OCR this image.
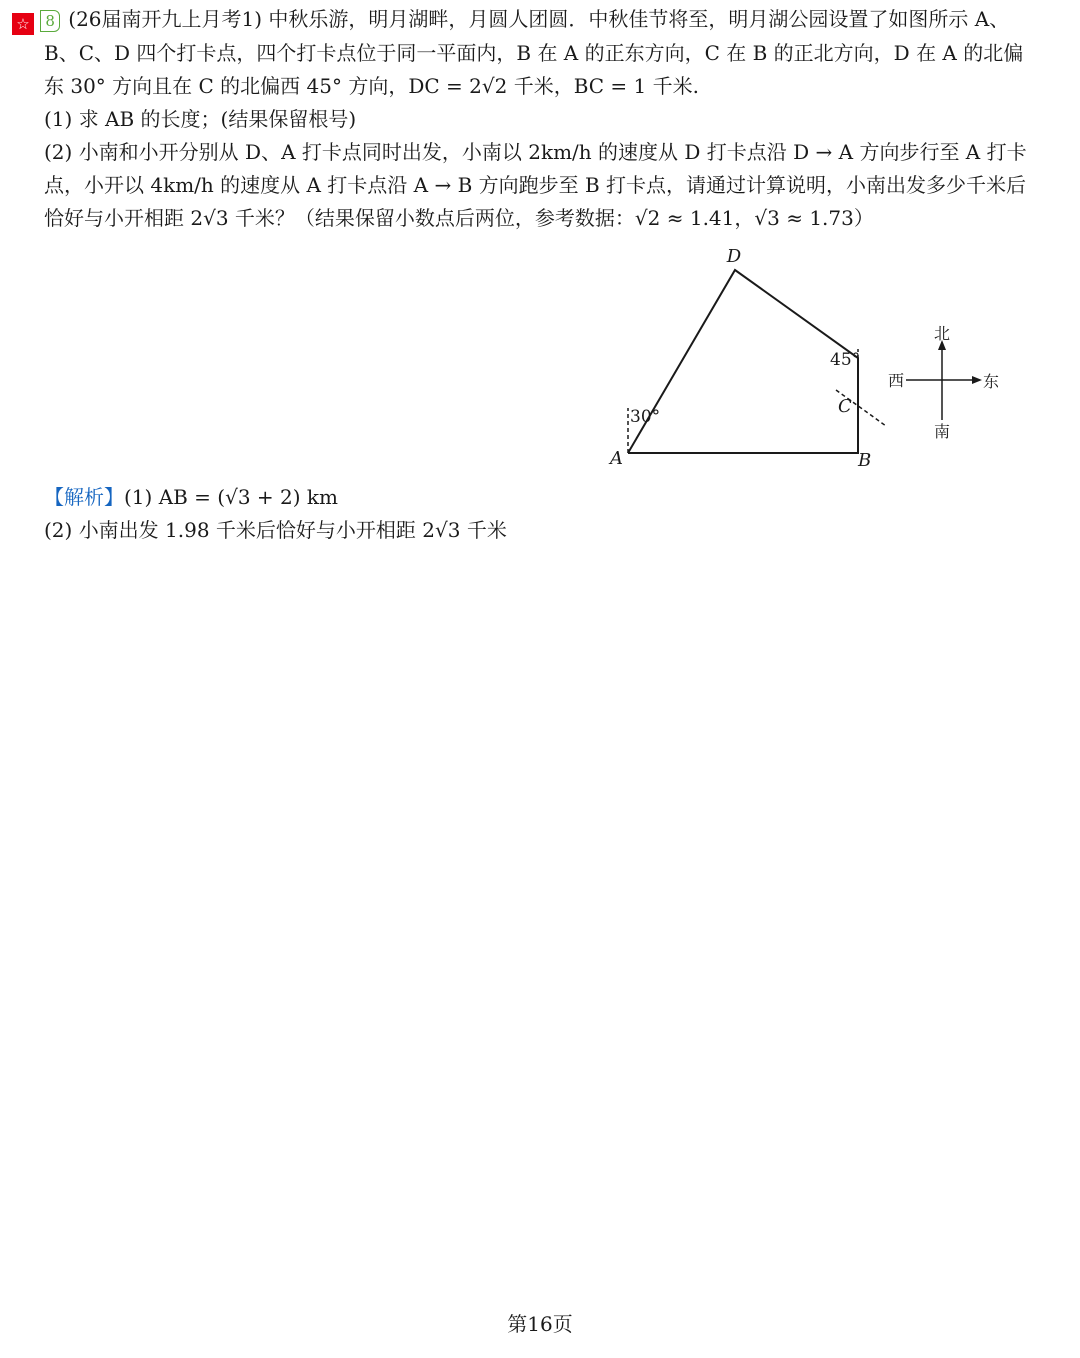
☆ 8 (26届南开九上月考1) 中秋乐游，明月湖畔，月圆人团圆．中秋佳节将至，明月湖公园设置了如图所示 A、
B、C、D 四个打卡点，四个打卡点位于同一平面内，B 在 A 的正东方向，C 在 B 的正北方向，D 在 A 的北偏
东 30° 方向且在 C 的北偏西 45° 方向，DC = 2√2 千米，BC = 1 千米.
(1) 求 AB 的长度；(结果保留根号)
(2) 小南和小开分别从 D、A 打卡点同时出发，小南以 2km/h 的速度从 D 打卡点沿 D → A 方向步行至 A 打卡
点，小开以 4km/h 的速度从 A 打卡点沿 A → B 方向跑步至 B 打卡点，请通过计算说明，小南出发多少千米后
恰好与小开相距 2√3 千米？（结果保留小数点后两位，参考数据：√2 ≈ 1.41，√3 ≈ 1.73）
D
A	B
C
30°
45°
北
南
东
西
【解析】(1) AB = (√3 + 2) km
(2) 小南出发 1.98 千米后恰好与小开相距 2√3 千米
第16页
